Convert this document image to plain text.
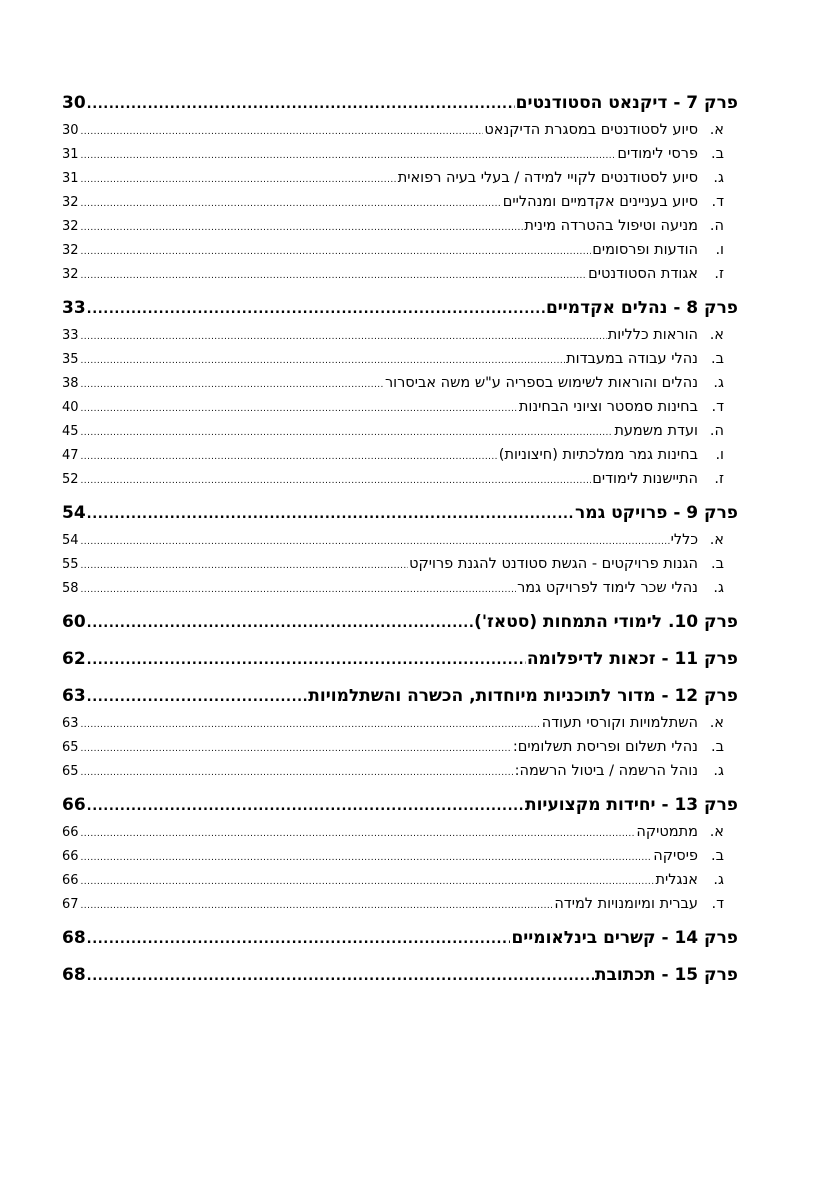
פרק 7 - דיקנאט הסטודנטים
.....
30
א.
סיוע לסטודנטים במסגרת הדיקנאט
.....
30
ב.
פרסי לימודים
.....
31
ג.
סיוע לסטודנטים לקויי למידה / בעלי בעיה רפואית
.....
31
ד.
סיוע בעניינים אקדמיים ומנהליים
.....
32
ה.
מניעה וטיפול בהטרדה מינית
.....
32
ו.
הודעות ופרסומים
.....
32
ז.
אגודת הסטודנטים
.....
32
פרק 8 - נהלים אקדמיים
.....
33
א.
הוראות כלליות
.....
33
ב.
נהלי עבודה במעבדות
.....
35
ג.
נהלים והוראות לשימוש בספריה ע"ש משה אביסרור
.....
38
ד.
בחינות סמסטר וציוני הבחינות
.....
40
ה.
ועדת משמעת
.....
45
ו.
בחינות גמר ממלכתיות (חיצוניות)
.....
47
ז.
התיישנות לימודים
.....
52
פרק 9 - פרויקט גמר
.....
54
א.
כללי
.....
54
ב.
הגנות פרויקטים - הגשת סטודנט להגנת פרויקט
.....
55
ג.
נהלי שכר לימוד לפרויקט גמר
.....
58
פרק 10. לימודי התמחות (סטאז')
.....
60
פרק 11 - זכאות לדיפלומה
.....
62
פרק 12 - מדור לתוכניות מיוחדות, הכשרה והשתלמויות
.....
63
א.
השתלמויות וקורסי תעודה
.....
63
ב.
נהלי תשלום ופריסת תשלומים:
.....
65
ג.
נוהל הרשמה / ביטול הרשמה:
.....
65
פרק 13 - יחידות מקצועיות
.....
66
א.
מתמטיקה
.....
66
ב.
פיסיקה
.....
66
ג.
אנגלית
.....
66
ד.
עברית ומיומנויות למידה
.....
67
פרק 14 - קשרים בינלאומיים
.....
68
פרק 15 - תכתובת
.....
68
